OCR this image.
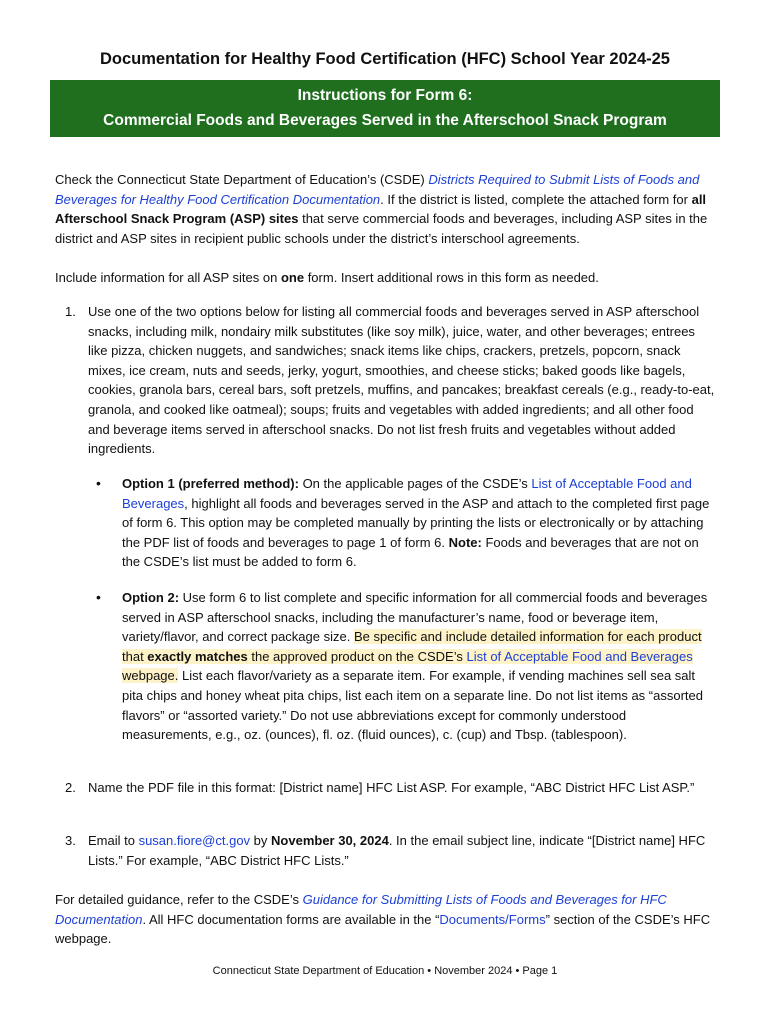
Documentation for Healthy Food Certification (HFC) School Year 2024-25
Instructions for Form 6:
Commercial Foods and Beverages Served in the Afterschool Snack Program

Check the Connecticut State Department of Education’s (CSDE) Districts Required to Submit Lists of Foods and Beverages for Healthy Food Certification Documentation. If the district is listed, complete the attached form for all Afterschool Snack Program (ASP) sites that serve commercial foods and beverages, including ASP sites in the district and ASP sites in recipient public schools under the district’s interschool agreements.

Include information for all ASP sites on one form. Insert additional rows in this form as needed.

1. Use one of the two options below for listing all commercial foods and beverages served in ASP afterschool snacks, including milk, nondairy milk substitutes (like soy milk), juice, water, and other beverages; entrees like pizza, chicken nuggets, and sandwiches; snack items like chips, crackers, pretzels, popcorn, snack mixes, ice cream, nuts and seeds, jerky, yogurt, smoothies, and cheese sticks; baked goods like bagels, cookies, granola bars, cereal bars, soft pretzels, muffins, and pancakes; breakfast cereals (e.g., ready-to-eat, granola, and cooked like oatmeal); soups; fruits and vegetables with added ingredients; and all other food and beverage items served in afterschool snacks. Do not list fresh fruits and vegetables without added ingredients.

• Option 1 (preferred method): On the applicable pages of the CSDE’s List of Acceptable Food and Beverages, highlight all foods and beverages served in the ASP and attach to the completed first page of form 6. This option may be completed manually by printing the lists or electronically or by attaching the PDF list of foods and beverages to page 1 of form 6. Note: Foods and beverages that are not on the CSDE’s list must be added to form 6.

• Option 2: Use form 6 to list complete and specific information for all commercial foods and beverages served in ASP afterschool snacks, including the manufacturer’s name, food or beverage item, variety/flavor, and correct package size. Be specific and include detailed information for each product that exactly matches the approved product on the CSDE’s List of Acceptable Food and Beverages webpage. List each flavor/variety as a separate item. For example, if vending machines sell sea salt pita chips and honey wheat pita chips, list each item on a separate line. Do not list items as “assorted flavors” or “assorted variety.” Do not use abbreviations except for commonly understood measurements, e.g., oz. (ounces), fl. oz. (fluid ounces), c. (cup) and Tbsp. (tablespoon).

2. Name the PDF file in this format: [District name] HFC List ASP. For example, “ABC District HFC List ASP.”

3. Email to susan.fiore@ct.gov by November 30, 2024. In the email subject line, indicate “[District name] HFC Lists.” For example, “ABC District HFC Lists.”

For detailed guidance, refer to the CSDE’s Guidance for Submitting Lists of Foods and Beverages for HFC Documentation. All HFC documentation forms are available in the “Documents/Forms” section of the CSDE’s HFC webpage.

Connecticut State Department of Education • November 2024 • Page 1
